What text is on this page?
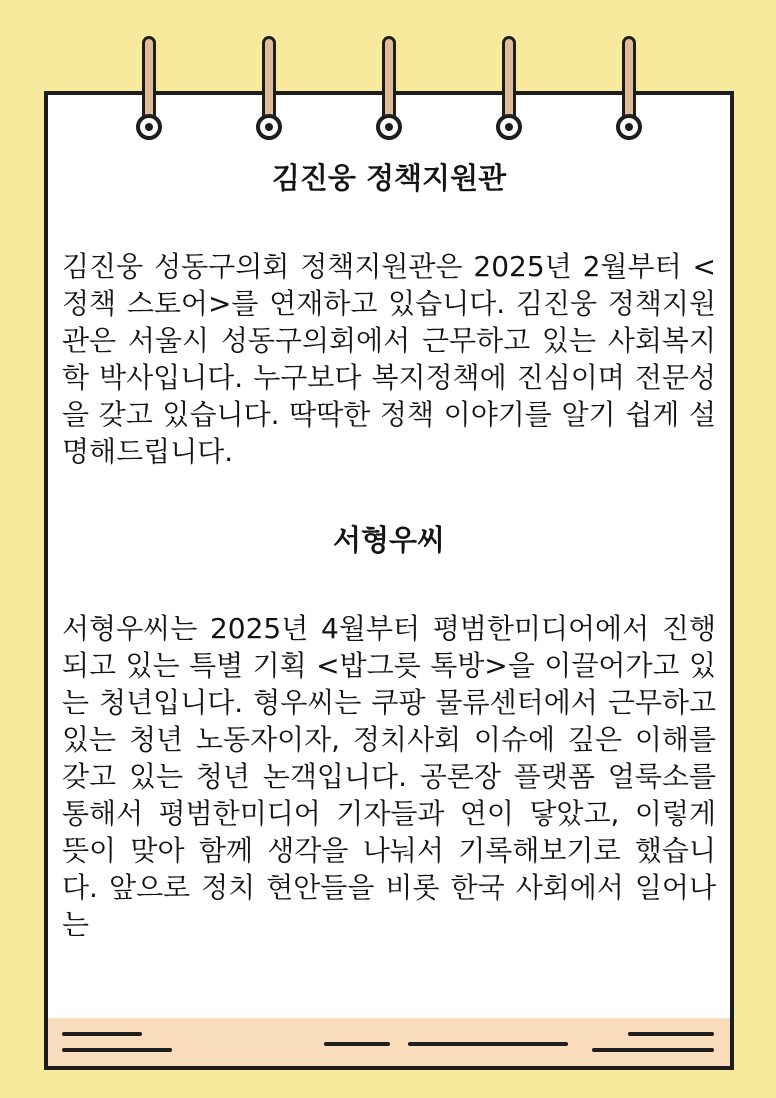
김진웅 정책지원관

김진웅 성동구의회 정책지원관은 2025년 2월부터 <정책 스토어>를 연재하고 있습니다. 김진웅 정책지원관은 서울시 성동구의회에서 근무하고 있는 사회복지학 박사입니다. 누구보다 복지정책에 진심이며 전문성을 갖고 있습니다. 딱딱한 정책 이야기를 알기 쉽게 설명해드립니다.

서형우씨

서형우씨는 2025년 4월부터 평범한미디어에서 진행되고 있는 특별 기획 <밥그릇 톡방>을 이끌어가고 있는 청년입니다. 형우씨는 쿠팡 물류센터에서 근무하고 있는 청년 노동자이자, 정치사회 이슈에 깊은 이해를 갖고 있는 청년 논객입니다. 공론장 플랫폼 얼룩소를 통해서 평범한미디어 기자들과 연이 닿았고, 이렇게 뜻이 맞아 함께 생각을 나눠서 기록해보기로 했습니다. 앞으로 정치 현안들을 비롯 한국 사회에서 일어나는
